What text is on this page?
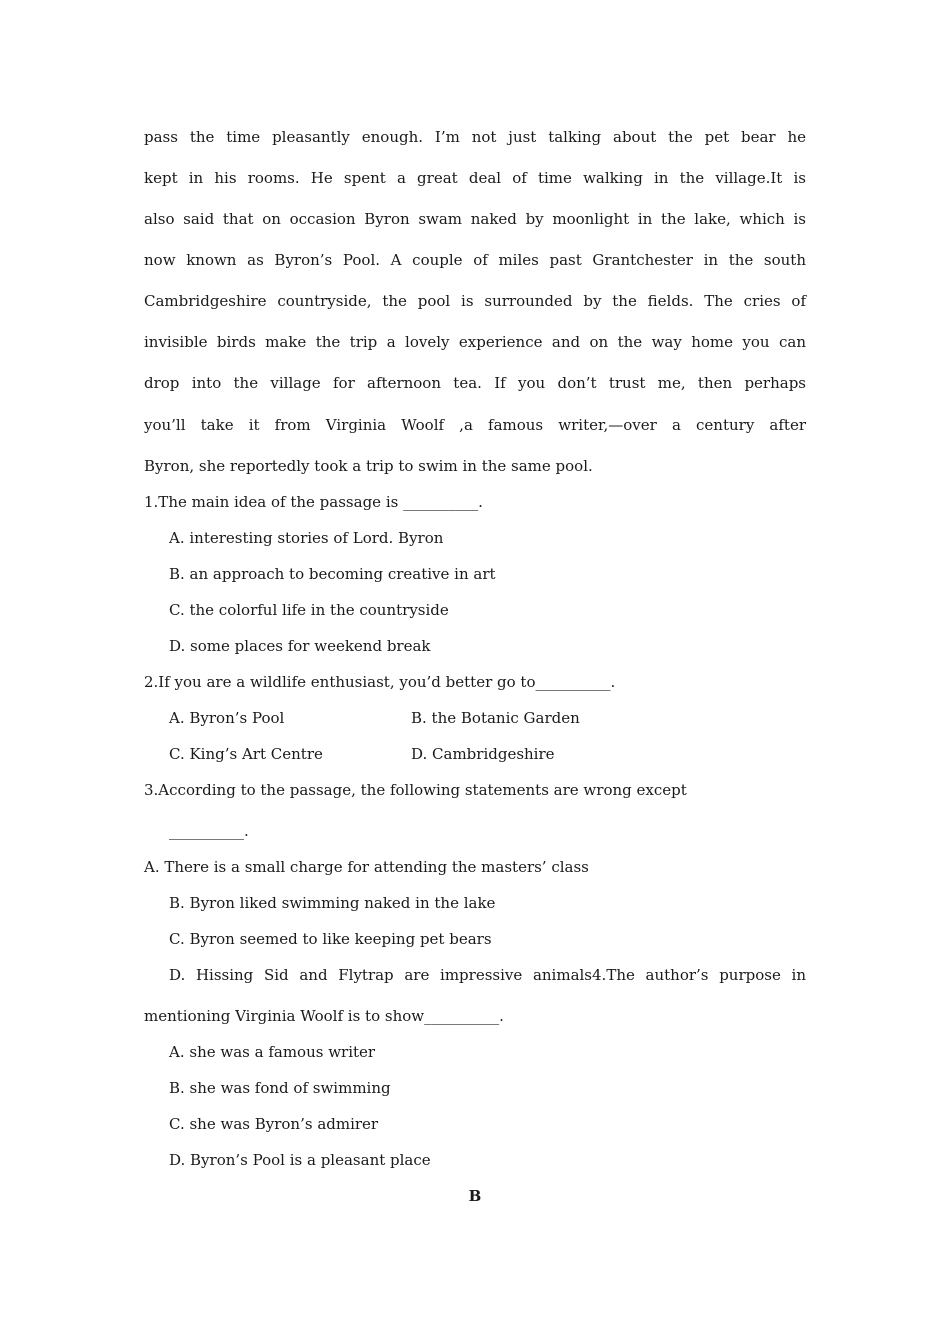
pass the time pleasantly enough. I’m not just talking about the pet bear he
kept in his rooms. He spent a great deal of time walking in the village.It is
also said that on occasion Byron swam naked by moonlight in the lake, which is
now known as Byron’s Pool. A couple of miles past Grantchester in the south
Cambridgeshire countryside, the pool is surrounded by the fields. The cries of
invisible birds make the trip a lovely experience and on the way home you can
drop into the village for afternoon tea. If you don’t trust me, then perhaps
you’ll take it from Virginia Woolf ,a famous writer,—over a century after
Byron, she reportedly took a trip to swim in the same pool.
1.The main idea of the passage is __________.
A. interesting stories of Lord. Byron
B. an approach to becoming creative in art
C. the colorful life in the countryside
D. some places for weekend break
2.If you are a wildlife enthusiast, you’d better go to__________.
A. Byron’s Pool	B. the Botanic Garden
C. King’s Art Centre	D. Cambridgeshire
3.According to the passage, the following statements are wrong except
__________.
A. There is a small charge for attending the masters’ class
B. Byron liked swimming naked in the lake
C. Byron seemed to like keeping pet bears
D. Hissing Sid and Flytrap are impressive animals4.The author’s purpose in
mentioning Virginia Woolf is to show__________.
A. she was a famous writer
B. she was fond of swimming
C. she was Byron’s admirer
D. Byron’s Pool is a pleasant place
B
